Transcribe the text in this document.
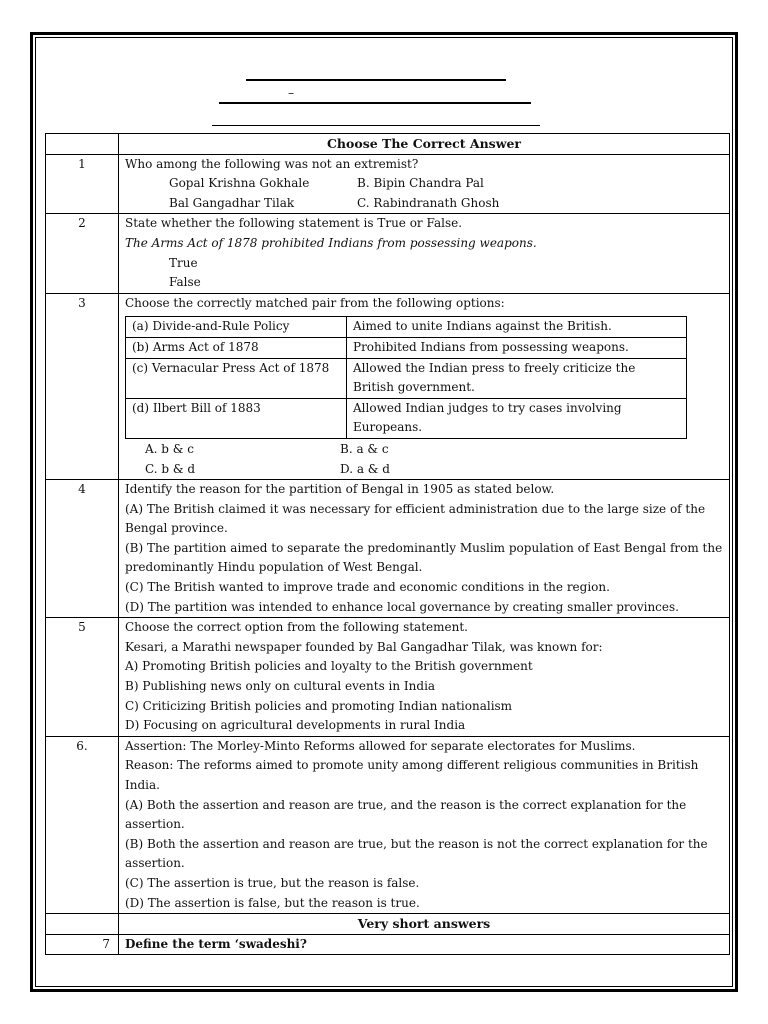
–
	Choose The Correct Answer
1	Who among the following was not an extremist?
Gopal Krishna Gokhale	B. Bipin Chandra Pal
Bal Gangadhar Tilak	C. Rabindranath Ghosh

2	State whether the following statement is True or False.
The Arms Act of 1878 prohibited Indians from possessing weapons.
True
False

3	Choose the correctly matched pair from the following options:
(a) Divide-and-Rule Policy	Aimed to unite Indians against the British.
(b) Arms Act of 1878	Prohibited Indians from possessing weapons.
(c) Vernacular Press Act of 1878	Allowed the Indian press to freely criticize the British government.
(d) Ilbert Bill of 1883	Allowed Indian judges to try cases involving Europeans.
A. b & c	B. a & c
C. b & d	D. a & d

4	Identify the reason for the partition of Bengal in 1905 as stated below.
(A) The British claimed it was necessary for efficient administration due to the large size of the Bengal province.
(B) The partition aimed to separate the predominantly Muslim population of East Bengal from the predominantly Hindu population of West Bengal.
(C) The British wanted to improve trade and economic conditions in the region.
(D) The partition was intended to enhance local governance by creating smaller provinces.

5	Choose the correct option from the following statement.
Kesari, a Marathi newspaper founded by Bal Gangadhar Tilak, was known for:
A) Promoting British policies and loyalty to the British government
B) Publishing news only on cultural events in India
C) Criticizing British policies and promoting Indian nationalism
D) Focusing on agricultural developments in rural India

6.	Assertion: The Morley-Minto Reforms allowed for separate electorates for Muslims.
Reason: The reforms aimed to promote unity among different religious communities in British India.
(A) Both the assertion and reason are true, and the reason is the correct explanation for the assertion.
(B) Both the assertion and reason are true, but the reason is not the correct explanation for the assertion.
(C) The assertion is true, but the reason is false.
(D) The assertion is false, but the reason is true.

	Very short answers
7	Define the term ‘swadeshi?
